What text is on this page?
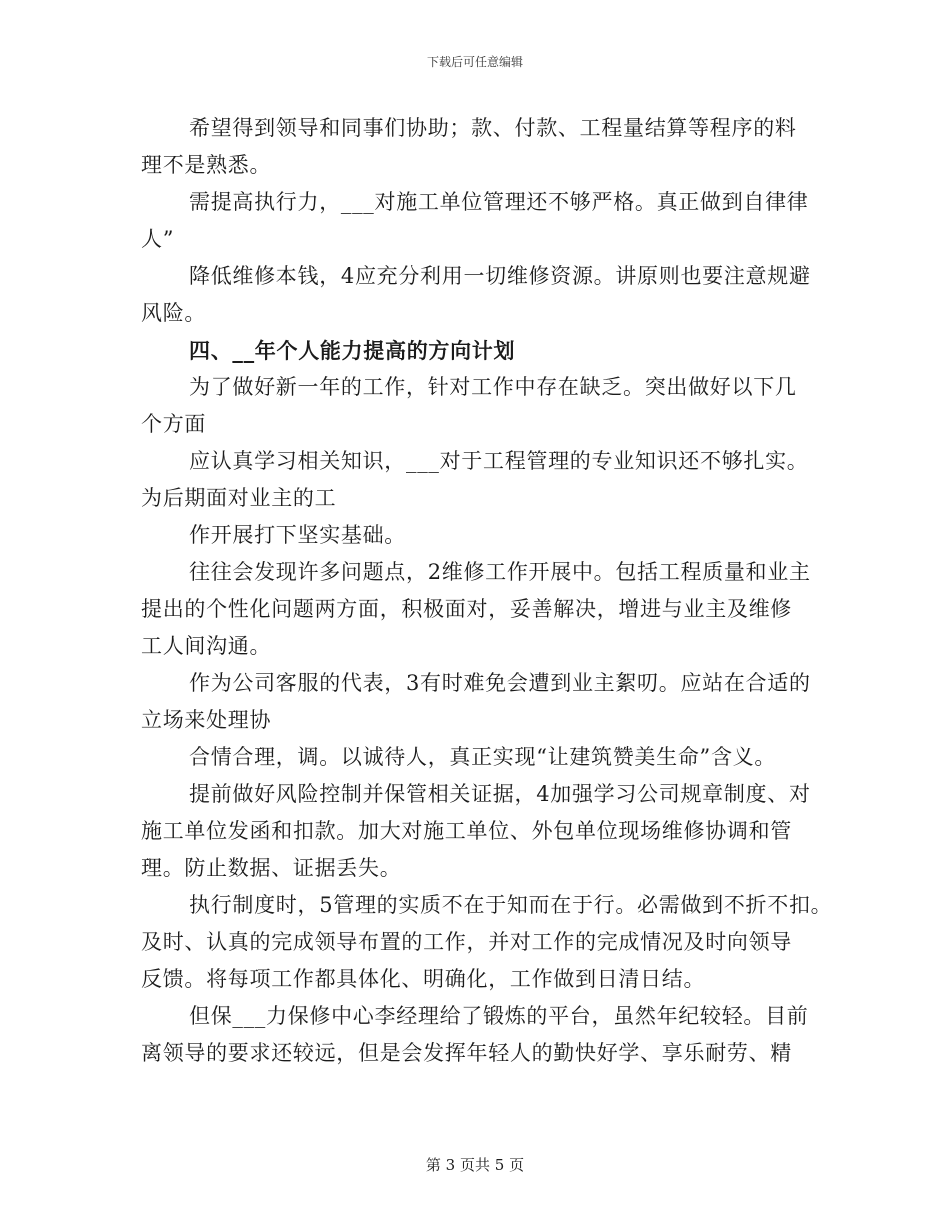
下载后可任意编辑
希望得到领导和同事们协助；款、付款、工程量结算等程序的料
理不是熟悉。
需提高执行力，___对施工单位管理还不够严格。真正做到自律律
人”
降低维修本钱，4应充分利用一切维修资源。讲原则也要注意规避
风险。
四、__年个人能力提高的方向计划
为了做好新一年的工作，针对工作中存在缺乏。突出做好以下几
个方面
应认真学习相关知识，___对于工程管理的专业知识还不够扎实。
为后期面对业主的工
作开展打下坚实基础。
往往会发现许多问题点，2维修工作开展中。包括工程质量和业主
提出的个性化问题两方面，积极面对，妥善解决，增进与业主及维修
工人间沟通。
作为公司客服的代表，3有时难免会遭到业主絮叨。应站在合适的
立场来处理协
合情合理，调。以诚待人，真正实现“让建筑赞美生命”含义。
提前做好风险控制并保管相关证据，4加强学习公司规章制度、对
施工单位发函和扣款。加大对施工单位、外包单位现场维修协调和管
理。防止数据、证据丢失。
执行制度时，5管理的实质不在于知而在于行。必需做到不折不扣。
及时、认真的完成领导布置的工作，并对工作的完成情况及时向领导
反馈。将每项工作都具体化、明确化，工作做到日清日结。
但保___力保修中心李经理给了锻炼的平台，虽然年纪较轻。目前
离领导的要求还较远，但是会发挥年轻人的勤快好学、享乐耐劳、精
第 3 页共 5 页
